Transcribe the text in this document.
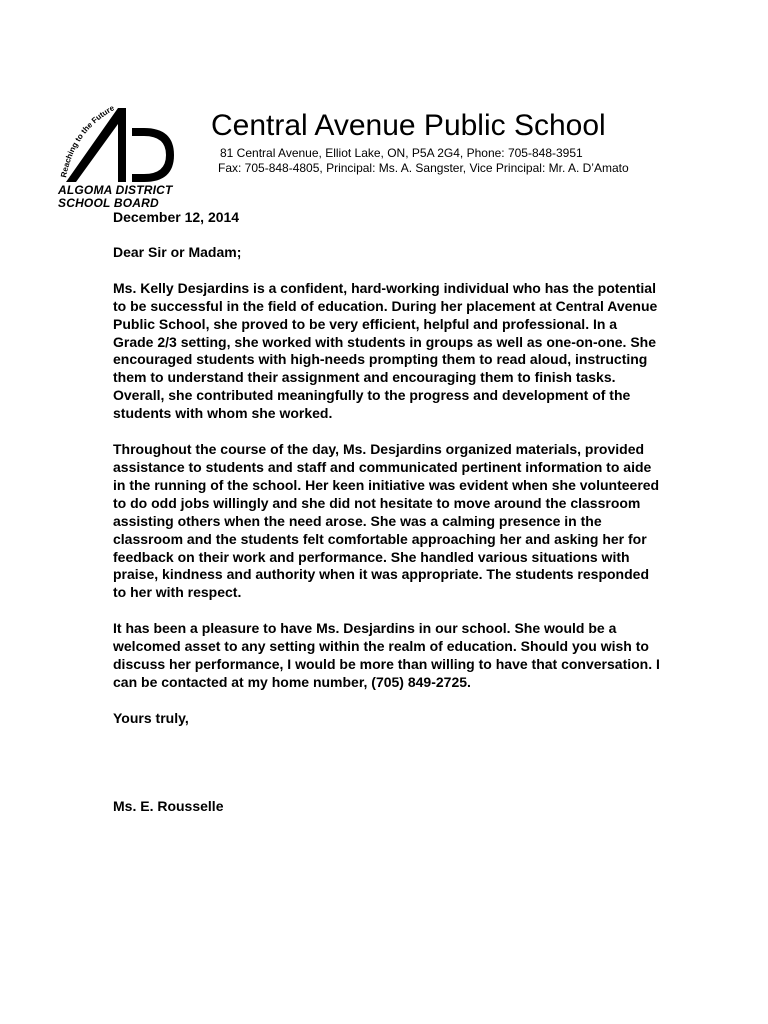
Reaching to the Future
ALGOMA DISTRICT
SCHOOL BOARD
Central Avenue Public School
81 Central Avenue, Elliot Lake, ON, P5A 2G4, Phone: 705-848-3951
Fax: 705-848-4805, Principal: Ms. A. Sangster, Vice Principal: Mr. A. D’Amato

December 12, 2014

Dear Sir or Madam;

Ms. Kelly Desjardins is a confident, hard-working individual who has the potential to be successful in the field of education. During her placement at Central Avenue Public School, she proved to be very efficient, helpful and professional. In a Grade 2/3 setting, she worked with students in groups as well as one-on-one. She encouraged students with high-needs prompting them to read aloud, instructing them to understand their assignment and encouraging them to finish tasks. Overall, she contributed meaningfully to the progress and development of the students with whom she worked.

Throughout the course of the day, Ms. Desjardins organized materials, provided assistance to students and staff and communicated pertinent information to aide in the running of the school. Her keen initiative was evident when she volunteered to do odd jobs willingly and she did not hesitate to move around the classroom assisting others when the need arose. She was a calming presence in the classroom and the students felt comfortable approaching her and asking her for feedback on their work and performance. She handled various situations with praise, kindness and authority when it was appropriate. The students responded to her with respect.

It has been a pleasure to have Ms. Desjardins in our school. She would be a welcomed asset to any setting within the realm of education. Should you wish to discuss her performance, I would be more than willing to have that conversation. I can be contacted at my home number, (705) 849-2725.

Yours truly,

Ms. E. Rousselle
